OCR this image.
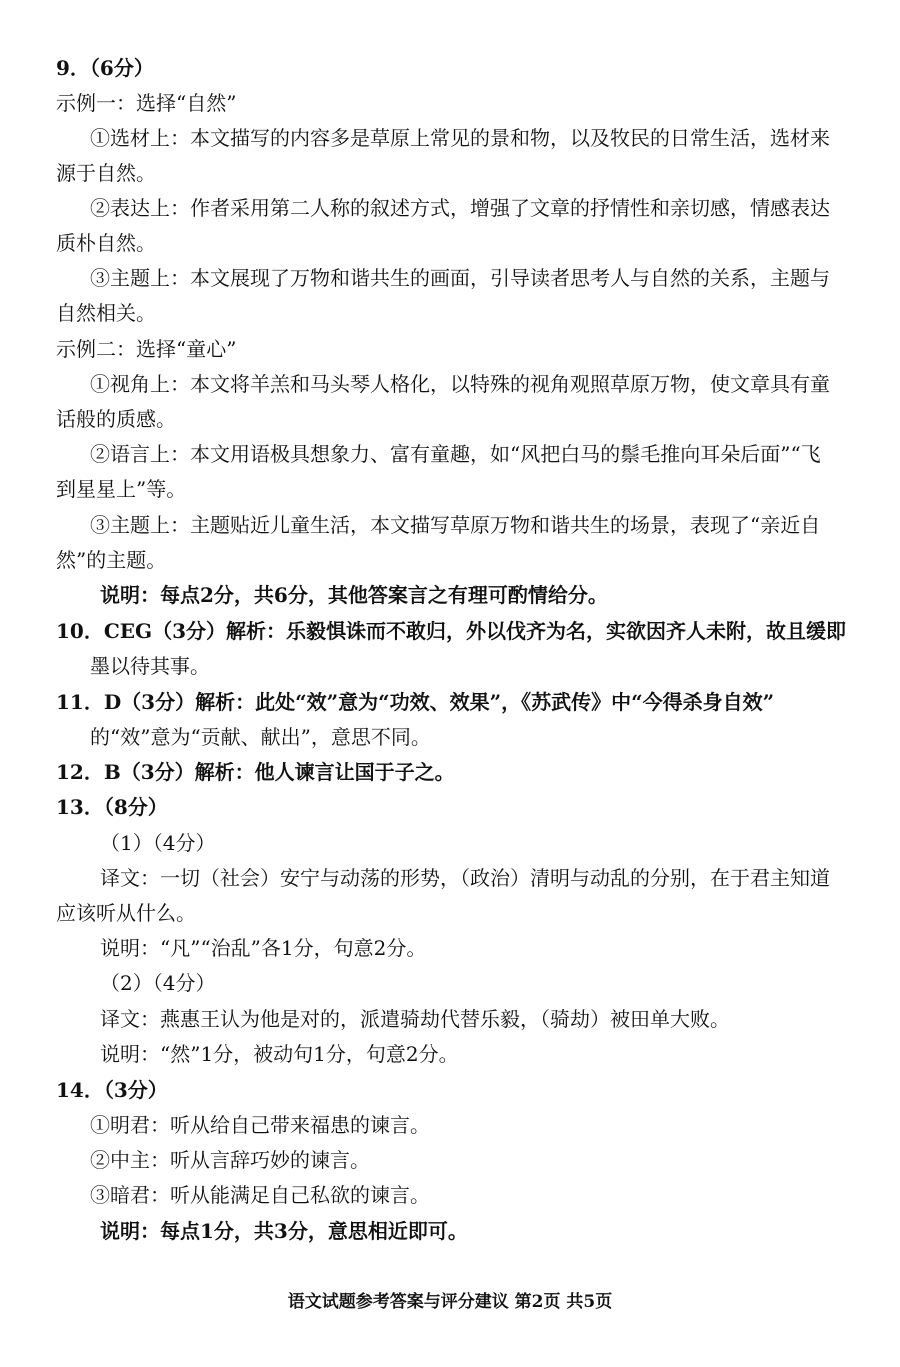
9．（6分）
示例一：选择“自然”
①选材上：本文描写的内容多是草原上常见的景和物，以及牧民的日常生活，选材来
源于自然。
②表达上：作者采用第二人称的叙述方式，增强了文章的抒情性和亲切感，情感表达
质朴自然。
③主题上：本文展现了万物和谐共生的画面，引导读者思考人与自然的关系，主题与
自然相关。
示例二：选择“童心”
①视角上：本文将羊羔和马头琴人格化，以特殊的视角观照草原万物，使文章具有童
话般的质感。
②语言上：本文用语极具想象力、富有童趣，如“风把白马的鬃毛推向耳朵后面”“飞
到星星上”等。
③主题上：主题贴近儿童生活，本文描写草原万物和谐共生的场景，表现了“亲近自
然”的主题。
说明：每点2分，共6分，其他答案言之有理可酌情给分。
10．CEG（3分）解析：乐毅惧诛而不敢归，外以伐齐为名，实欲因齐人未附，故且缓即
墨以待其事。
11．D（3分）解析：此处“效”意为“功效、效果”，《苏武传》中“今得杀身自效”
的“效”意为“贡献、献出”，意思不同。
12．B（3分）解析：他人谏言让国于子之。
13．（8分）
（1）（4分）
译文：一切（社会）安宁与动荡的形势，（政治）清明与动乱的分别，在于君主知道
应该听从什么。
说明：“凡”“治乱”各1分，句意2分。
（2）（4分）
译文：燕惠王认为他是对的，派遣骑劫代替乐毅，（骑劫）被田单大败。
说明：“然”1分，被动句1分，句意2分。
14．（3分）
①明君：听从给自己带来福患的谏言。
②中主：听从言辞巧妙的谏言。
③暗君：听从能满足自己私欲的谏言。
说明：每点1分，共3分，意思相近即可。
语文试题参考答案与评分建议 第2页 共5页
